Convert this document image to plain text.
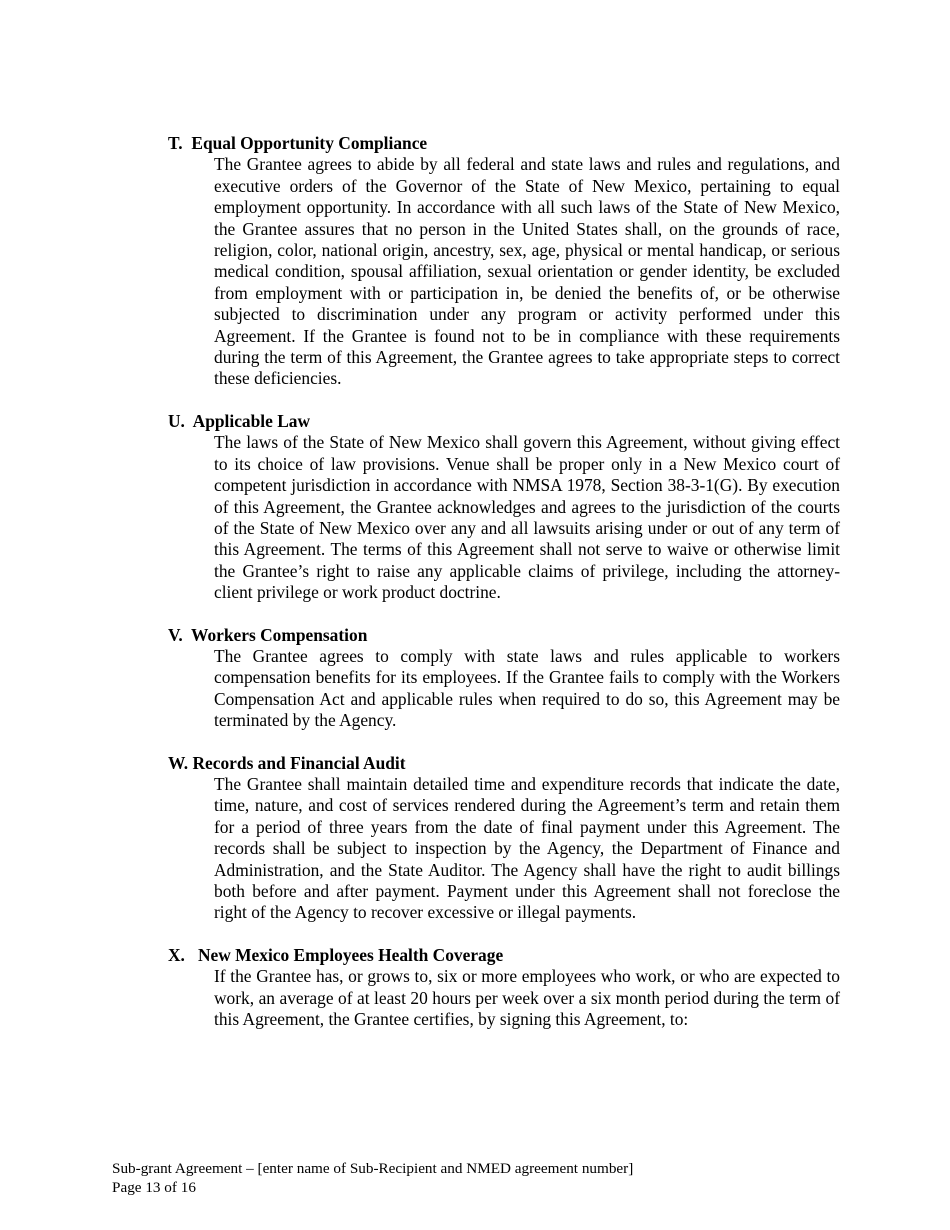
T.  Equal Opportunity Compliance
The Grantee agrees to abide by all federal and state laws and rules and regulations, and executive orders of the Governor of the State of New Mexico, pertaining to equal employment opportunity. In accordance with all such laws of the State of New Mexico, the Grantee assures that no person in the United States shall, on the grounds of race, religion, color, national origin, ancestry, sex, age, physical or mental handicap, or serious medical condition, spousal affiliation, sexual orientation or gender identity, be excluded from employment with or participation in, be denied the benefits of, or be otherwise subjected to discrimination under any program or activity performed under this Agreement. If the Grantee is found not to be in compliance with these requirements during the term of this Agreement, the Grantee agrees to take appropriate steps to correct these deficiencies.
U.  Applicable Law
The laws of the State of New Mexico shall govern this Agreement, without giving effect to its choice of law provisions. Venue shall be proper only in a New Mexico court of competent jurisdiction in accordance with NMSA 1978, Section 38-3-1(G). By execution of this Agreement, the Grantee acknowledges and agrees to the jurisdiction of the courts of the State of New Mexico over any and all lawsuits arising under or out of any term of this Agreement. The terms of this Agreement shall not serve to waive or otherwise limit the Grantee’s right to raise any applicable claims of privilege, including the attorney-client privilege or work product doctrine.
V.  Workers Compensation
The Grantee agrees to comply with state laws and rules applicable to workers compensation benefits for its employees. If the Grantee fails to comply with the Workers Compensation Act and applicable rules when required to do so, this Agreement may be terminated by the Agency.
W. Records and Financial Audit
The Grantee shall maintain detailed time and expenditure records that indicate the date, time, nature, and cost of services rendered during the Agreement’s term and retain them for a period of three years from the date of final payment under this Agreement. The records shall be subject to inspection by the Agency, the Department of Finance and Administration, and the State Auditor. The Agency shall have the right to audit billings both before and after payment. Payment under this Agreement shall not foreclose the right of the Agency to recover excessive or illegal payments.
X.   New Mexico Employees Health Coverage
If the Grantee has, or grows to, six or more employees who work, or who are expected to work, an average of at least 20 hours per week over a six month period during the term of this Agreement, the Grantee certifies, by signing this Agreement, to:
Sub-grant Agreement – [enter name of Sub-Recipient and NMED agreement number]
Page 13 of 16
